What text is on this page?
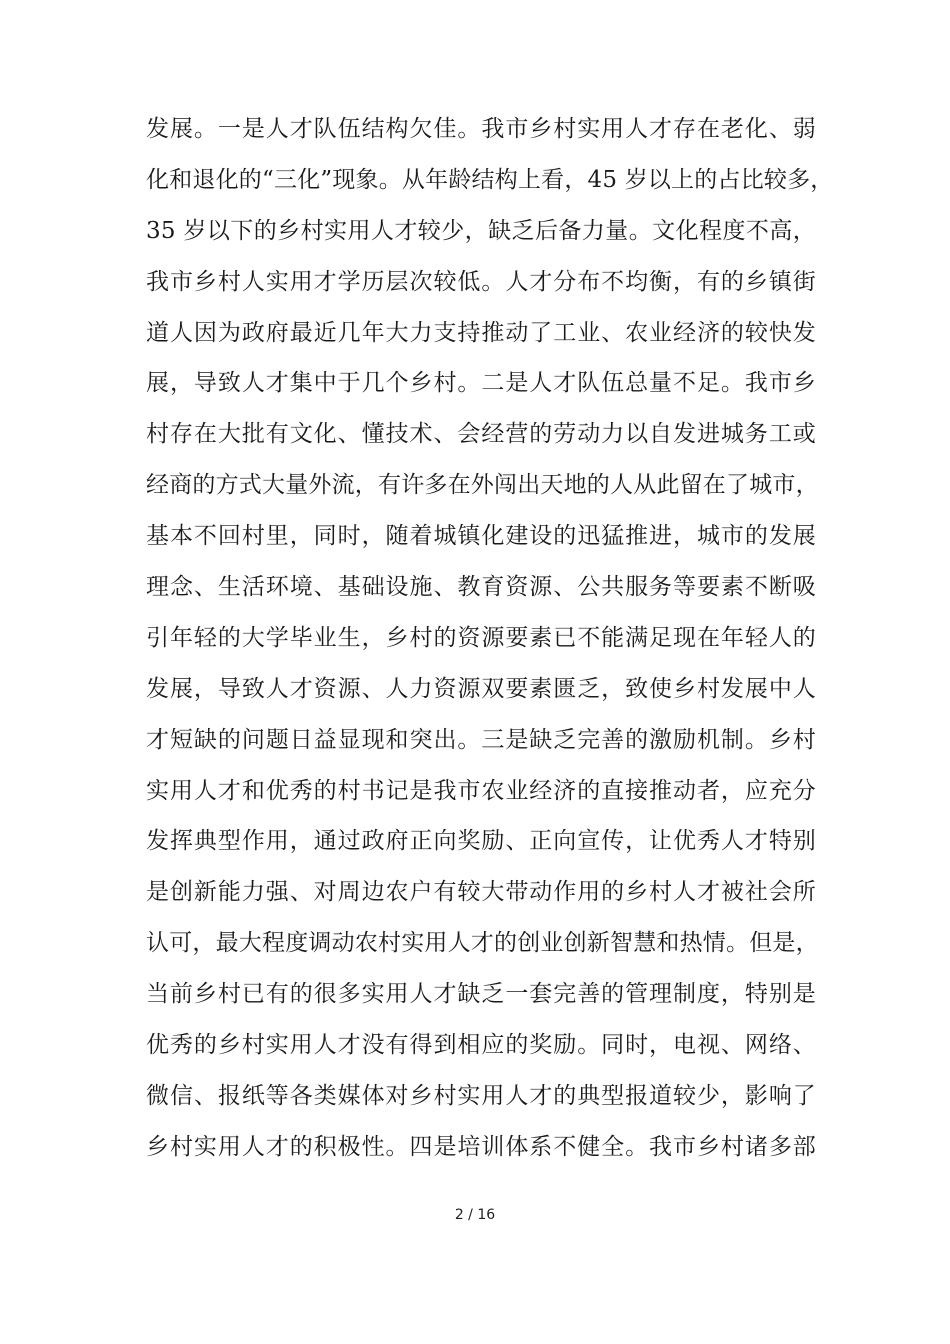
发展。一是人才队伍结构欠佳。我市乡村实用人才存在老化、弱
化和退化的“三化”现象。从年龄结构上看，45 岁以上的占比较多，
35 岁以下的乡村实用人才较少，缺乏后备力量。文化程度不高，
我市乡村人实用才学历层次较低。人才分布不均衡，有的乡镇街
道人因为政府最近几年大力支持推动了工业、农业经济的较快发
展，导致人才集中于几个乡村。二是人才队伍总量不足。我市乡
村存在大批有文化、懂技术、会经营的劳动力以自发进城务工或
经商的方式大量外流，有许多在外闯出天地的人从此留在了城市，
基本不回村里，同时，随着城镇化建设的迅猛推进，城市的发展
理念、生活环境、基础设施、教育资源、公共服务等要素不断吸
引年轻的大学毕业生，乡村的资源要素已不能满足现在年轻人的
发展，导致人才资源、人力资源双要素匮乏，致使乡村发展中人
才短缺的问题日益显现和突出。三是缺乏完善的激励机制。乡村
实用人才和优秀的村书记是我市农业经济的直接推动者，应充分
发挥典型作用，通过政府正向奖励、正向宣传，让优秀人才特别
是创新能力强、对周边农户有较大带动作用的乡村人才被社会所
认可，最大程度调动农村实用人才的创业创新智慧和热情。但是，
当前乡村已有的很多实用人才缺乏一套完善的管理制度，特别是
优秀的乡村实用人才没有得到相应的奖励。同时，电视、网络、
微信、报纸等各类媒体对乡村实用人才的典型报道较少，影响了
乡村实用人才的积极性。四是培训体系不健全。我市乡村诸多部
2 / 16
